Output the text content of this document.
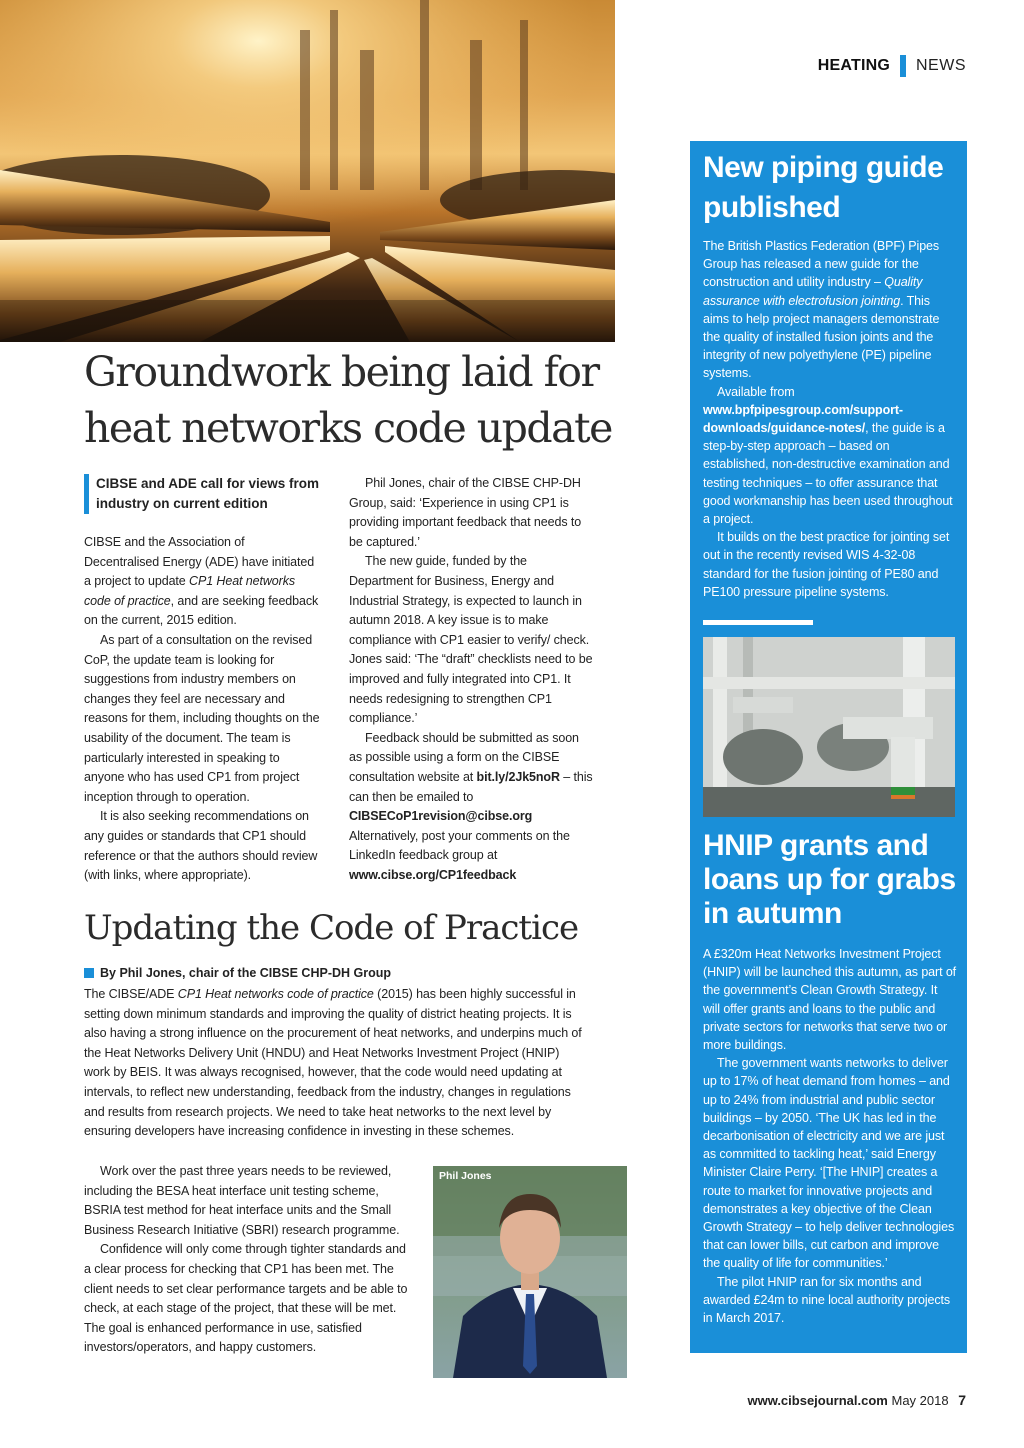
HEATING NEWS
Groundwork being laid for
heat networks code update
CIBSE and ADE call for views from industry on current edition

CIBSE and the Association of Decentralised Energy (ADE) have initiated a project to update CP1 Heat networks code of practice, and are seeking feedback on the current, 2015 edition.

As part of a consultation on the revised CoP, the update team is looking for suggestions from industry members on changes they feel are necessary and reasons for them, including thoughts on the usability of the document. The team is particularly interested in speaking to anyone who has used CP1 from project inception through to operation.

It is also seeking recommendations on any guides or standards that CP1 should reference or that the authors should review (with links, where appropriate).

Phil Jones, chair of the CIBSE CHP-DH Group, said: ‘Experience in using CP1 is providing important feedback that needs to be captured.’

The new guide, funded by the Department for Business, Energy and Industrial Strategy, is expected to launch in autumn 2018. A key issue is to make compliance with CP1 easier to verify/ check. Jones said: ‘The “draft” checklists need to be improved and fully integrated into CP1. It needs redesigning to strengthen CP1 compliance.’

Feedback should be submitted as soon as possible using a form on the CIBSE consultation website at bit.ly/2Jk5noR – this can then be emailed to CIBSECoP1revision@cibse.org Alternatively, post your comments on the LinkedIn feedback group at www.cibse.org/CP1feedback

Updating the Code of Practice
By Phil Jones, chair of the CIBSE CHP-DH Group
The CIBSE/ADE CP1 Heat networks code of practice (2015) has been highly successful in setting down minimum standards and improving the quality of district heating projects. It is also having a strong influence on the procurement of heat networks, and underpins much of the Heat Networks Delivery Unit (HNDU) and Heat Networks Investment Project (HNIP) work by BEIS. It was always recognised, however, that the code would need updating at intervals, to reflect new understanding, feedback from the industry, changes in regulations and results from research projects. We need to take heat networks to the next level by ensuring developers have increasing confidence in investing in these schemes.

Work over the past three years needs to be reviewed, including the BESA heat interface unit testing scheme, BSRIA test method for heat interface units and the Small Business Research Initiative (SBRI) research programme.

Confidence will only come through tighter standards and a clear process for checking that CP1 has been met. The client needs to set clear performance targets and be able to check, at each stage of the project, that these will be met. The goal is enhanced performance in use, satisfied investors/operators, and happy customers.

Phil Jones
New piping guide published

The British Plastics Federation (BPF) Pipes Group has released a new guide for the construction and utility industry – Quality assurance with electrofusion jointing. This aims to help project managers demonstrate the quality of installed fusion joints and the integrity of new polyethylene (PE) pipeline systems.

Available from www.bpfpipesgroup.com/support-downloads/guidance-notes/, the guide is a step-by-step approach – based on established, non-destructive examination and testing techniques – to offer assurance that good workmanship has been used throughout a project.

It builds on the best practice for jointing set out in the recently revised WIS 4-32-08 standard for the fusion jointing of PE80 and PE100 pressure pipeline systems.

HNIP grants and loans up for grabs in autumn

A £320m Heat Networks Investment Project (HNIP) will be launched this autumn, as part of the government’s Clean Growth Strategy. It will offer grants and loans to the public and private sectors for networks that serve two or more buildings.

The government wants networks to deliver up to 17% of heat demand from homes – and up to 24% from industrial and public sector buildings – by 2050. ‘The UK has led in the decarbonisation of electricity and we are just as committed to tackling heat,’ said Energy Minister Claire Perry. ‘[The HNIP] creates a route to market for innovative projects and demonstrates a key objective of the Clean Growth Strategy – to help deliver technologies that can lower bills, cut carbon and improve the quality of life for communities.’

The pilot HNIP ran for six months and awarded £24m to nine local authority projects in March 2017.

www.cibsejournal.com May 2018 7
